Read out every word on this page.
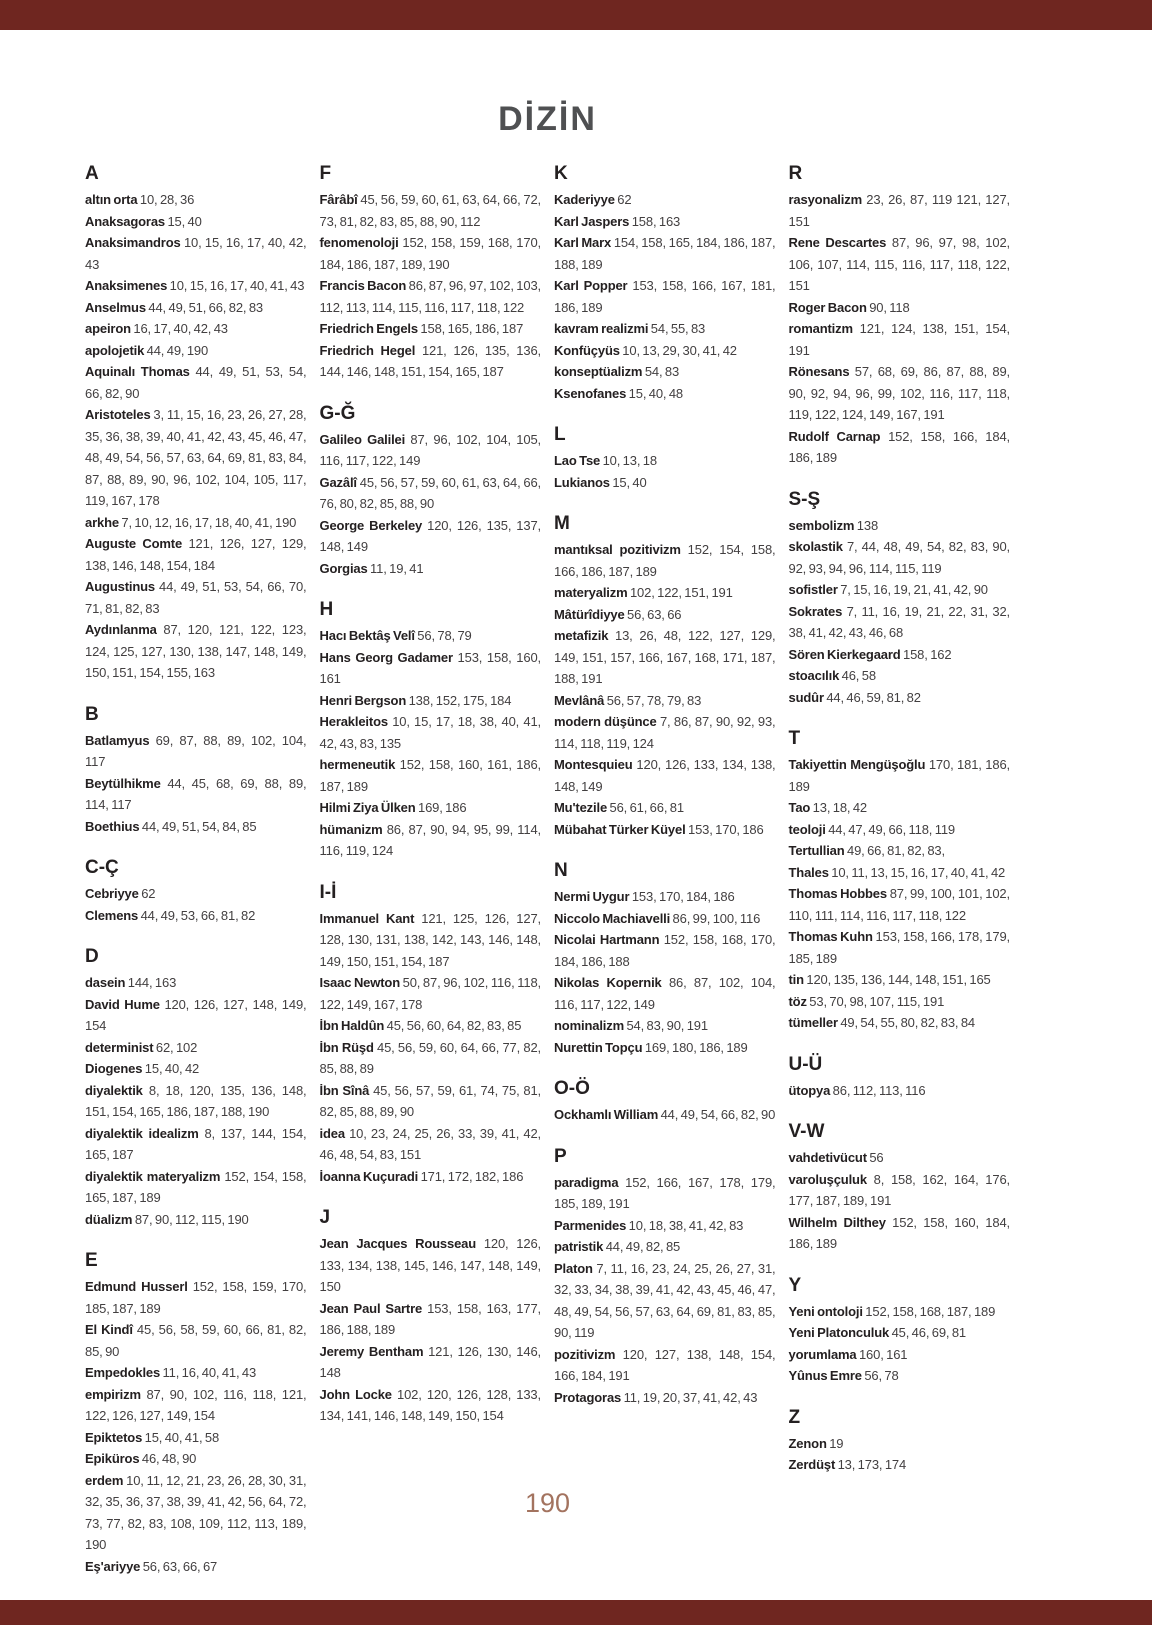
DİZİN
A

altın orta 10, 28, 36

Anaksagoras 15, 40

Anaksimandros 10, 15, 16, 17, 40, 42, 43

Anaksimenes 10, 15, 16, 17, 40, 41, 43

Anselmus 44, 49, 51, 66, 82, 83

apeiron 16, 17, 40, 42, 43

apolojetik 44, 49, 190

Aquinalı Thomas 44, 49, 51, 53, 54, 66, 82, 90

Aristoteles 3, 11, 15, 16, 23, 26, 27, 28, 35, 36, 38, 39, 40, 41, 42, 43, 45, 46, 47, 48, 49, 54, 56, 57, 63, 64, 69, 81, 83, 84, 87, 88, 89, 90, 96, 102, 104, 105, 117, 119, 167, 178

arkhe 7, 10, 12, 16, 17, 18, 40, 41, 190

Auguste Comte 121, 126, 127, 129, 138, 146, 148, 154, 184

Augustinus 44, 49, 51, 53, 54, 66, 70, 71, 81, 82, 83

Aydınlanma 87, 120, 121, 122, 123, 124, 125, 127, 130, 138, 147, 148, 149, 150, 151, 154, 155, 163

B

Batlamyus 69, 87, 88, 89, 102, 104, 117

Beytülhikme 44, 45, 68, 69, 88, 89, 114, 117

Boethius 44, 49, 51, 54, 84, 85

C-Ç

Cebriyye 62

Clemens 44, 49, 53, 66, 81, 82

D

dasein 144, 163

David Hume 120, 126, 127, 148, 149, 154

determinist 62, 102

Diogenes 15, 40, 42

diyalektik 8, 18, 120, 135, 136, 148, 151, 154, 165, 186, 187, 188, 190

diyalektik idealizm 8, 137, 144, 154, 165, 187

diyalektik materyalizm 152, 154, 158, 165, 187, 189

düalizm 87, 90, 112, 115, 190

E

Edmund Husserl 152, 158, 159, 170, 185, 187, 189

El Kindî 45, 56, 58, 59, 60, 66, 81, 82, 85, 90

Empedokles 11, 16, 40, 41, 43

empirizm 87, 90, 102, 116, 118, 121, 122, 126, 127, 149, 154

Epiktetos 15, 40, 41, 58

Epiküros 46, 48, 90

erdem 10, 11, 12, 21, 23, 26, 28, 30, 31, 32, 35, 36, 37, 38, 39, 41, 42, 56, 64, 72, 73, 77, 82, 83, 108, 109, 112, 113, 189, 190

Eş'ariyye 56, 63, 66, 67

F

Fârâbî 45, 56, 59, 60, 61, 63, 64, 66, 72, 73, 81, 82, 83, 85, 88, 90, 112

fenomenoloji 152, 158, 159, 168, 170, 184, 186, 187, 189, 190

Francis Bacon 86, 87, 96, 97, 102, 103, 112, 113, 114, 115, 116, 117, 118, 122

Friedrich Engels 158, 165, 186, 187

Friedrich Hegel 121, 126, 135, 136, 144, 146, 148, 151, 154, 165, 187

G-Ğ

Galileo Galilei 87, 96, 102, 104, 105, 116, 117, 122, 149

Gazâlî 45, 56, 57, 59, 60, 61, 63, 64, 66, 76, 80, 82, 85, 88, 90

George Berkeley 120, 126, 135, 137, 148, 149

Gorgias 11, 19, 41

H

Hacı Bektâş Velî 56, 78, 79

Hans Georg Gadamer 153, 158, 160, 161

Henri Bergson 138, 152, 175, 184

Herakleitos 10, 15, 17, 18, 38, 40, 41, 42, 43, 83, 135

hermeneutik 152, 158, 160, 161, 186, 187, 189

Hilmi Ziya Ülken 169, 186

hümanizm 86, 87, 90, 94, 95, 99, 114, 116, 119, 124

I-İ

Immanuel Kant 121, 125, 126, 127, 128, 130, 131, 138, 142, 143, 146, 148, 149, 150, 151, 154, 187

Isaac Newton 50, 87, 96, 102, 116, 118, 122, 149, 167, 178

İbn Haldûn 45, 56, 60, 64, 82, 83, 85

İbn Rüşd 45, 56, 59, 60, 64, 66, 77, 82, 85, 88, 89

İbn Sînâ 45, 56, 57, 59, 61, 74, 75, 81, 82, 85, 88, 89, 90

idea 10, 23, 24, 25, 26, 33, 39, 41, 42, 46, 48, 54, 83, 151

İoanna Kuçuradi 171, 172, 182, 186

J

Jean Jacques Rousseau 120, 126, 133, 134, 138, 145, 146, 147, 148, 149, 150

Jean Paul Sartre 153, 158, 163, 177, 186, 188, 189

Jeremy Bentham 121, 126, 130, 146, 148

John Locke 102, 120, 126, 128, 133, 134, 141, 146, 148, 149, 150, 154

K

Kaderiyye 62

Karl Jaspers 158, 163

Karl Marx 154, 158, 165, 184, 186, 187, 188, 189

Karl Popper 153, 158, 166, 167, 181, 186, 189

kavram realizmi 54, 55, 83

Konfüçyüs 10, 13, 29, 30, 41, 42

konseptüalizm 54, 83

Ksenofanes 15, 40, 48

L

Lao Tse 10, 13, 18

Lukianos 15, 40

M

mantıksal pozitivizm 152, 154, 158, 166, 186, 187, 189

materyalizm 102, 122, 151, 191

Mâtürîdiyye 56, 63, 66

metafizik 13, 26, 48, 122, 127, 129, 149, 151, 157, 166, 167, 168, 171, 187, 188, 191

Mevlânâ 56, 57, 78, 79, 83

modern düşünce 7, 86, 87, 90, 92, 93, 114, 118, 119, 124

Montesquieu 120, 126, 133, 134, 138, 148, 149

Mu'tezile 56, 61, 66, 81

Mübahat Türker Küyel 153, 170, 186

N

Nermi Uygur 153, 170, 184, 186

Niccolo Machiavelli 86, 99, 100, 116

Nicolai Hartmann 152, 158, 168, 170, 184, 186, 188

Nikolas Kopernik 86, 87, 102, 104, 116, 117, 122, 149

nominalizm 54, 83, 90, 191

Nurettin Topçu 169, 180, 186, 189

O-Ö

Ockhamlı William 44, 49, 54, 66, 82, 90

P

paradigma 152, 166, 167, 178, 179, 185, 189, 191

Parmenides 10, 18, 38, 41, 42, 83

patristik 44, 49, 82, 85

Platon 7, 11, 16, 23, 24, 25, 26, 27, 31, 32, 33, 34, 38, 39, 41, 42, 43, 45, 46, 47, 48, 49, 54, 56, 57, 63, 64, 69, 81, 83, 85, 90, 119

pozitivizm 120, 127, 138, 148, 154, 166, 184, 191

Protagoras 11, 19, 20, 37, 41, 42, 43

R

rasyonalizm 23, 26, 87, 119 121, 127, 151

Rene Descartes 87, 96, 97, 98, 102, 106, 107, 114, 115, 116, 117, 118, 122, 151

Roger Bacon 90, 118

romantizm 121, 124, 138, 151, 154, 191

Rönesans 57, 68, 69, 86, 87, 88, 89, 90, 92, 94, 96, 99, 102, 116, 117, 118, 119, 122, 124, 149, 167, 191

Rudolf Carnap 152, 158, 166, 184, 186, 189

S-Ş

sembolizm 138

skolastik 7, 44, 48, 49, 54, 82, 83, 90, 92, 93, 94, 96, 114, 115, 119

sofistler 7, 15, 16, 19, 21, 41, 42, 90

Sokrates 7, 11, 16, 19, 21, 22, 31, 32, 38, 41, 42, 43, 46, 68

Sören Kierkegaard 158, 162

stoacılık 46, 58

sudûr 44, 46, 59, 81, 82

T

Takiyettin Mengüşoğlu 170, 181, 186, 189

Tao 13, 18, 42

teoloji 44, 47, 49, 66, 118, 119

Tertullian 49, 66, 81, 82, 83,

Thales 10, 11, 13, 15, 16, 17, 40, 41, 42

Thomas Hobbes 87, 99, 100, 101, 102, 110, 111, 114, 116, 117, 118, 122

Thomas Kuhn 153, 158, 166, 178, 179, 185, 189

tin 120, 135, 136, 144, 148, 151, 165

töz 53, 70, 98, 107, 115, 191

tümeller 49, 54, 55, 80, 82, 83, 84

U-Ü

ütopya 86, 112, 113, 116

V-W

vahdetivücut 56

varoluşçuluk 8, 158, 162, 164, 176, 177, 187, 189, 191

Wilhelm Dilthey 152, 158, 160, 184, 186, 189

Y

Yeni ontoloji 152, 158, 168, 187, 189

Yeni Platonculuk 45, 46, 69, 81

yorumlama 160, 161

Yûnus Emre 56, 78

Z

Zenon 19

Zerdüşt 13, 173, 174

190
